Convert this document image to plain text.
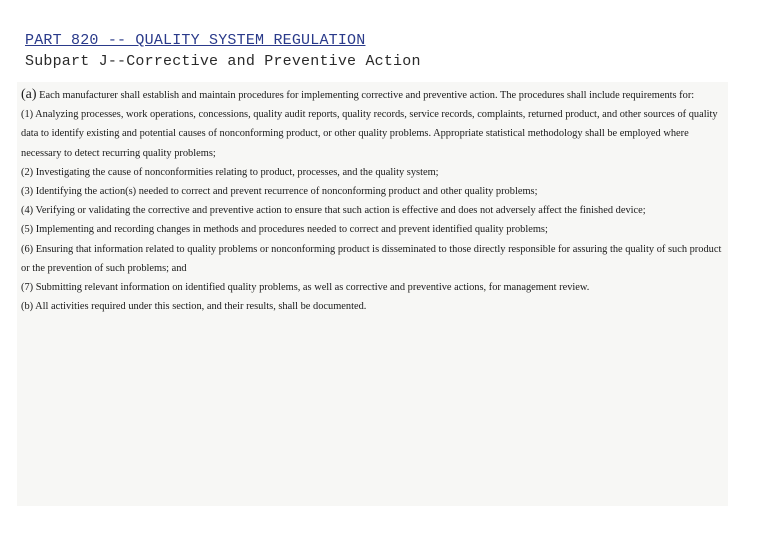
PART 820 -- QUALITY SYSTEM REGULATION
Subpart J--Corrective and Preventive Action

(a) Each manufacturer shall establish and maintain procedures for implementing corrective and preventive action. The procedures shall include requirements for:

(1) Analyzing processes, work operations, concessions, quality audit reports, quality records, service records, complaints, returned product, and other sources of quality data to identify existing and potential causes of nonconforming product, or other quality problems. Appropriate statistical methodology shall be employed where necessary to detect recurring quality problems;

(2) Investigating the cause of nonconformities relating to product, processes, and the quality system;

(3) Identifying the action(s) needed to correct and prevent recurrence of nonconforming product and other quality problems;

(4) Verifying or validating the corrective and preventive action to ensure that such action is effective and does not adversely affect the finished device;

(5) Implementing and recording changes in methods and procedures needed to correct and prevent identified quality problems;

(6) Ensuring that information related to quality problems or nonconforming product is disseminated to those directly responsible for assuring the quality of such product or the prevention of such problems; and

(7) Submitting relevant information on identified quality problems, as well as corrective and preventive actions, for management review.

(b) All activities required under this section, and their results, shall be documented.
